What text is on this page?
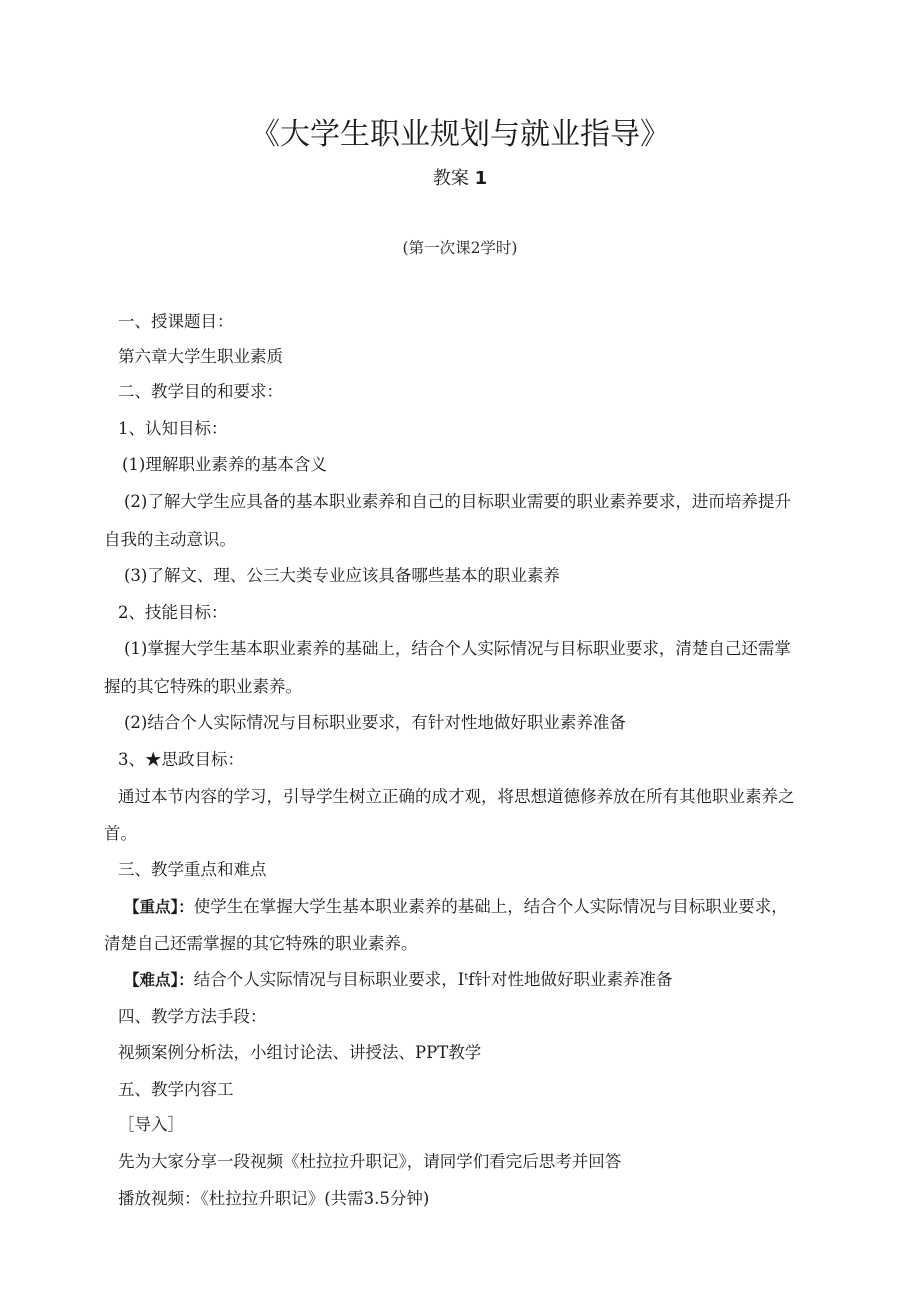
《大学生职业规划与就业指导》
教案 1
(第一次课2学时)
一、授课题目：
第六章大学生职业素质
二、教学目的和要求：
1、认知目标：
(1)理解职业素养的基本含义
(2)了解大学生应具备的基本职业素养和自己的目标职业需要的职业素养要求，进而培养提升
自我的主动意识。
(3)了解文、理、公三大类专业应该具备哪些基本的职业素养
2、技能目标：
(1)掌握大学生基本职业素养的基础上，结合个人实际情况与目标职业要求，清楚自己还需掌
握的其它特殊的职业素养。
(2)结合个人实际情况与目标职业要求，有针对性地做好职业素养准备
3、★思政目标：
通过本节内容的学习，引导学生树立正确的成才观，将思想道德修养放在所有其他职业素养之
首。
三、教学重点和难点
【重点】：使学生在掌握大学生基本职业素养的基础上，结合个人实际情况与目标职业要求，
清楚自己还需掌握的其它特殊的职业素养。
【难点】：结合个人实际情况与目标职业要求，Iᵗf针对性地做好职业素养准备
四、教学方法手段：
视频案例分析法，小组讨论法、讲授法、PPT教学
五、教学内容工
［导入］
先为大家分享一段视频《杜拉拉升职记》，请同学们看完后思考并回答
播放视频：《杜拉拉升职记》(共需3.5分钟)
